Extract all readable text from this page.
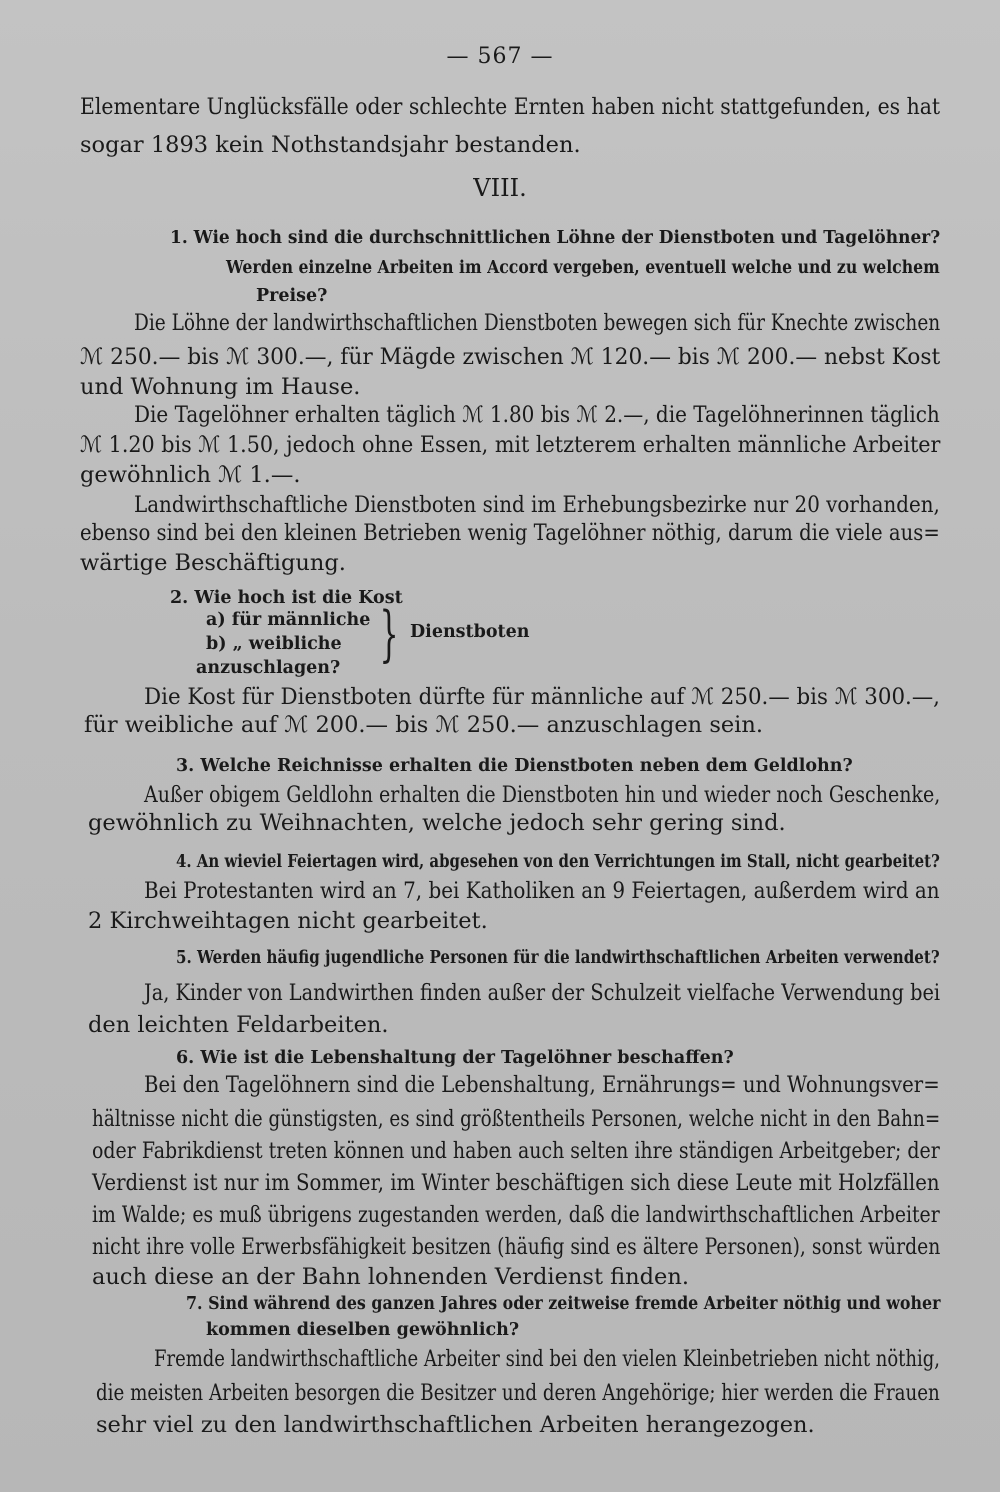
— 567 —
Elementare Unglücksfälle oder schlechte Ernten haben nicht stattgefunden, es hat
sogar 1893 kein Nothstandsjahr bestanden.
VIII.
1. Wie hoch sind die durchschnittlichen Löhne der Dienstboten und Tagelöhner?
Werden einzelne Arbeiten im Accord vergeben, eventuell welche und zu welchem
Preise?
Die Löhne der landwirthschaftlichen Dienstboten bewegen sich für Knechte zwischen
ℳ 250.— bis ℳ 300.—, für Mägde zwischen ℳ 120.— bis ℳ 200.— nebst Kost
und Wohnung im Hause.
Die Tagelöhner erhalten täglich ℳ 1.80 bis ℳ 2.—, die Tagelöhnerinnen täglich
ℳ 1.20 bis ℳ 1.50, jedoch ohne Essen, mit letzterem erhalten männliche Arbeiter
gewöhnlich ℳ 1.—.
Landwirthschaftliche Dienstboten sind im Erhebungsbezirke nur 20 vorhanden,
ebenso sind bei den kleinen Betrieben wenig Tagelöhner nöthig, darum die viele aus=
wärtige Beschäftigung.
2. Wie hoch ist die Kost
a) für männliche
b) „ weibliche } Dienstboten
anzuschlagen?
Die Kost für Dienstboten dürfte für männliche auf ℳ 250.— bis ℳ 300.—,
für weibliche auf ℳ 200.— bis ℳ 250.— anzuschlagen sein.
3. Welche Reichnisse erhalten die Dienstboten neben dem Geldlohn?
Außer obigem Geldlohn erhalten die Dienstboten hin und wieder noch Geschenke,
gewöhnlich zu Weihnachten, welche jedoch sehr gering sind.
4. An wieviel Feiertagen wird, abgesehen von den Verrichtungen im Stall, nicht gearbeitet?
Bei Protestanten wird an 7, bei Katholiken an 9 Feiertagen, außerdem wird an
2 Kirchweihtagen nicht gearbeitet.
5. Werden häufig jugendliche Personen für die landwirthschaftlichen Arbeiten verwendet?
Ja, Kinder von Landwirthen finden außer der Schulzeit vielfache Verwendung bei
den leichten Feldarbeiten.
6. Wie ist die Lebenshaltung der Tagelöhner beschaffen?
Bei den Tagelöhnern sind die Lebenshaltung, Ernährungs= und Wohnungsver=
hältnisse nicht die günstigsten, es sind größtentheils Personen, welche nicht in den Bahn=
oder Fabrikdienst treten können und haben auch selten ihre ständigen Arbeitgeber; der
Verdienst ist nur im Sommer, im Winter beschäftigen sich diese Leute mit Holzfällen
im Walde; es muß übrigens zugestanden werden, daß die landwirthschaftlichen Arbeiter
nicht ihre volle Erwerbsfähigkeit besitzen (häufig sind es ältere Personen), sonst würden
auch diese an der Bahn lohnenden Verdienst finden.
7. Sind während des ganzen Jahres oder zeitweise fremde Arbeiter nöthig und woher
kommen dieselben gewöhnlich?
Fremde landwirthschaftliche Arbeiter sind bei den vielen Kleinbetrieben nicht nöthig,
die meisten Arbeiten besorgen die Besitzer und deren Angehörige; hier werden die Frauen
sehr viel zu den landwirthschaftlichen Arbeiten herangezogen.
